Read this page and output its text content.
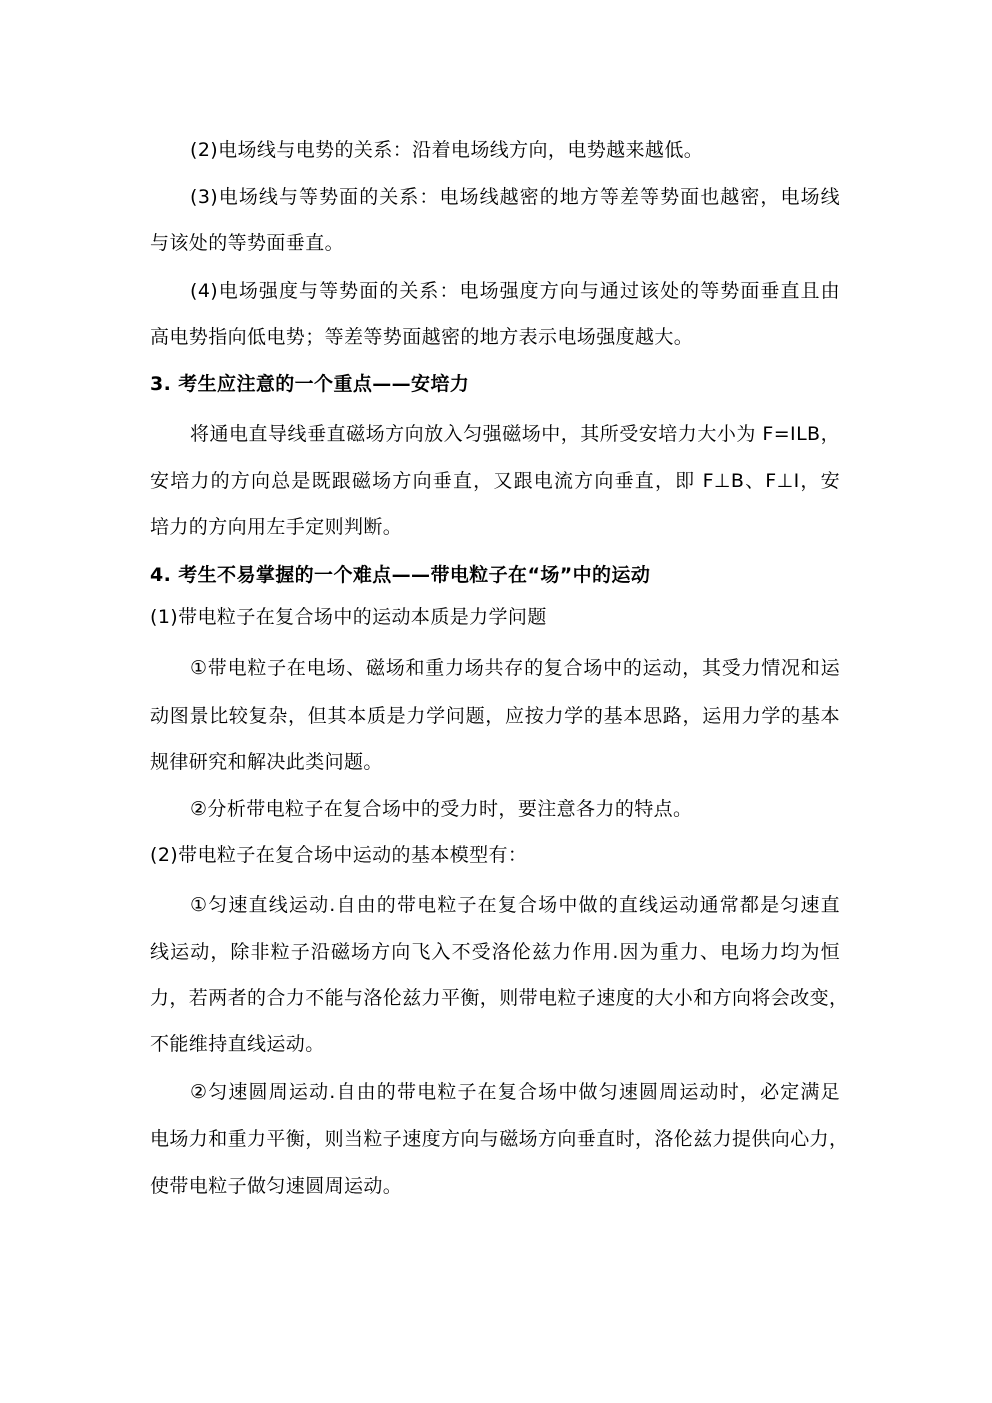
(2)电场线与电势的关系：沿着电场线方向，电势越来越低。
(3)电场线与等势面的关系：电场线越密的地方等差等势面也越密，电场线
与该处的等势面垂直。
(4)电场强度与等势面的关系：电场强度方向与通过该处的等势面垂直且由
高电势指向低电势；等差等势面越密的地方表示电场强度越大。
3. 考生应注意的一个重点——安培力
将通电直导线垂直磁场方向放入匀强磁场中，其所受安培力大小为 F=ILB，
安培力的方向总是既跟磁场方向垂直，又跟电流方向垂直，即 F⊥B、F⊥I，安
培力的方向用左手定则判断。
4. 考生不易掌握的一个难点——带电粒子在“场”中的运动
(1)带电粒子在复合场中的运动本质是力学问题
①带电粒子在电场、磁场和重力场共存的复合场中的运动，其受力情况和运
动图景比较复杂，但其本质是力学问题，应按力学的基本思路，运用力学的基本
规律研究和解决此类问题。
②分析带电粒子在复合场中的受力时，要注意各力的特点。
(2)带电粒子在复合场中运动的基本模型有：
①匀速直线运动.自由的带电粒子在复合场中做的直线运动通常都是匀速直
线运动，除非粒子沿磁场方向飞入不受洛伦兹力作用.因为重力、电场力均为恒
力，若两者的合力不能与洛伦兹力平衡，则带电粒子速度的大小和方向将会改变，
不能维持直线运动。
②匀速圆周运动.自由的带电粒子在复合场中做匀速圆周运动时，必定满足
电场力和重力平衡，则当粒子速度方向与磁场方向垂直时，洛伦兹力提供向心力，
使带电粒子做匀速圆周运动。
